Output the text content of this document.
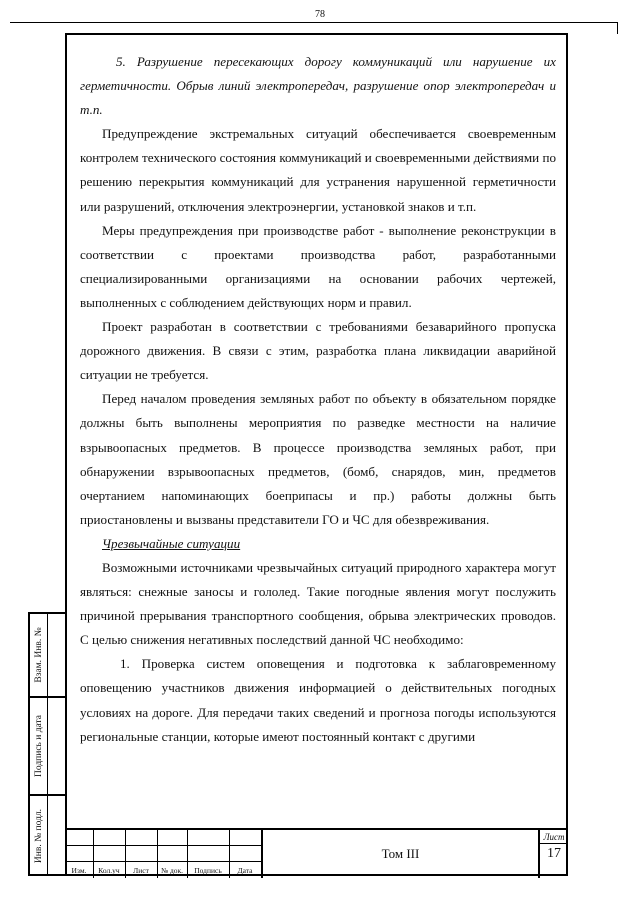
78

5. Разрушение пересекающих дорогу коммуникаций или нарушение их герметичности. Обрыв линий электропередач, разрушение опор электропередач и т.п.

Предупреждение экстремальных ситуаций обеспечивается своевременным контролем технического состояния коммуникаций и своевременными действиями по решению перекрытия коммуникаций для устранения нарушенной герметичности или разрушений, отключения электроэнергии, установкой знаков и т.п.

Меры предупреждения при производстве работ - выполнение реконструкции в соответствии с проектами производства работ, разработанными специализированными организациями на основании рабочих чертежей, выполненных с соблюдением действующих норм и правил.

Проект разработан в соответствии с требованиями безаварийного пропуска дорожного движения. В связи с этим, разработка плана ликвидации аварийной ситуации не требуется.

Перед началом проведения земляных работ по объекту в обязательном порядке должны быть выполнены мероприятия по разведке местности на наличие взрывоопасных предметов. В процессе производства земляных работ, при обнаружении взрывоопасных предметов, (бомб, снарядов, мин, предметов очертанием напоминающих боеприпасы и пр.) работы должны быть приостановлены и вызваны представители ГО и ЧС для обезвреживания.

Чрезвычайные ситуации

Возможными источниками чрезвычайных ситуаций природного характера могут являться: снежные заносы и гололед. Такие погодные явления могут послужить причиной прерывания транспортного сообщения, обрыва электрических проводов. С целью снижения негативных последствий данной ЧС необходимо:

1. Проверка систем оповещения и подготовка к заблаговременному оповещению участников движения информацией о действительных погодных условиях на дороге. Для передачи таких сведений и прогноза погоды используются региональные станции, которые имеют постоянный контакт с другими

Взам. Инв. №
Подпись и дата
Инв. № подл.
Изм.	Кол.уч	Лист	№ док.	Подпись	Дата
Том III
Лист
17
